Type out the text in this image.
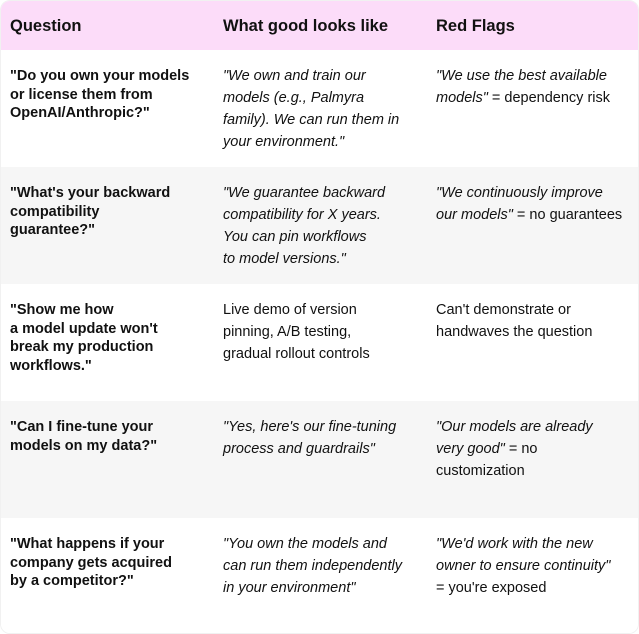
Question	What good looks like	Red Flags
"Do you own your models
or license them from
OpenAI/Anthropic?"
"We own and train our
models (e.g., Palmyra
family). We can run them in
your environment."
"We use the best available
models" = dependency risk
"What's your backward
compatibility
guarantee?"
"We guarantee backward
compatibility for X years.
You can pin workflows
to model versions."
"We continuously improve
our models" = no guarantees
"Show me how
a model update won't
break my production
workflows."
Live demo of version
pinning, A/B testing,
gradual rollout controls
Can't demonstrate or
handwaves the question
"Can I fine-tune your
models on my data?"
"Yes, here's our fine-tuning
process and guardrails"
"Our models are already
very good" = no
customization
"What happens if your
company gets acquired
by a competitor?"
"You own the models and
can run them independently
in your environment"
"We'd work with the new
owner to ensure continuity"
= you're exposed
